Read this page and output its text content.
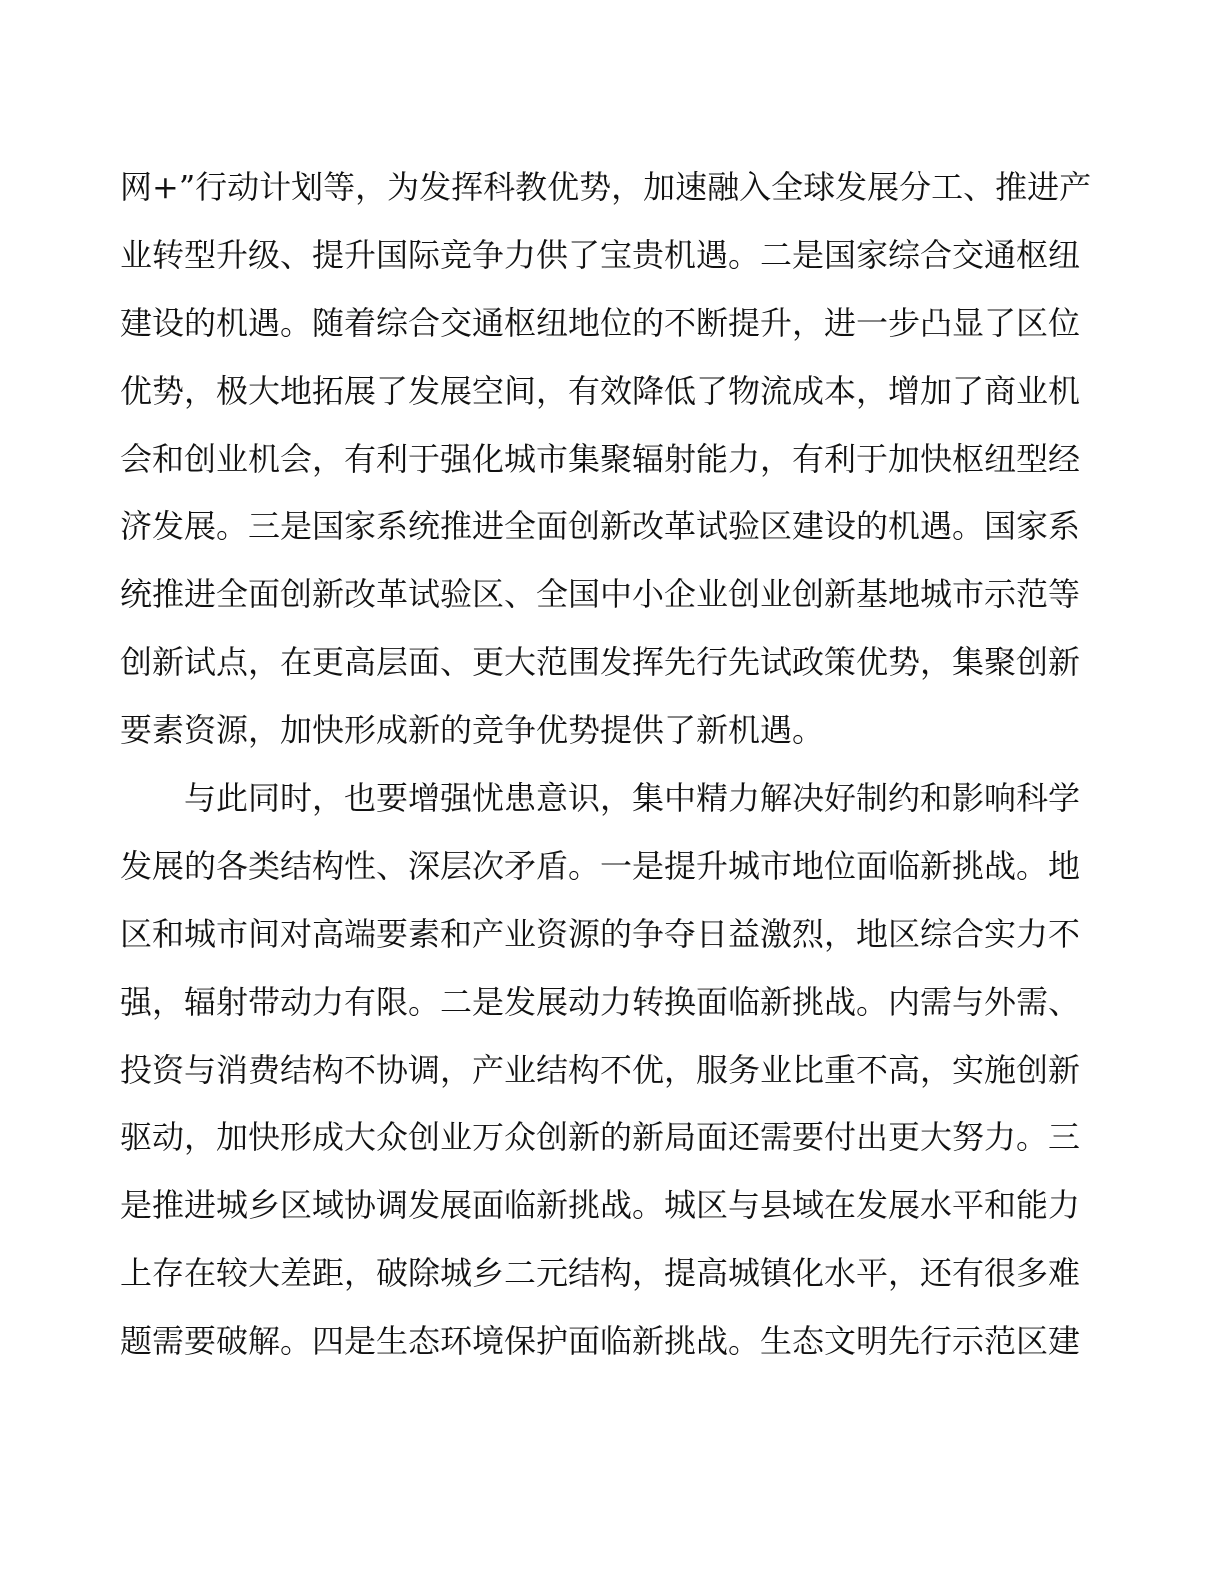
网+”行动计划等，为发挥科教优势，加速融入全球发展分工、推进产
业转型升级、提升国际竞争力供了宝贵机遇。二是国家综合交通枢纽
建设的机遇。随着综合交通枢纽地位的不断提升，进一步凸显了区位
优势，极大地拓展了发展空间，有效降低了物流成本，增加了商业机
会和创业机会，有利于强化城市集聚辐射能力，有利于加快枢纽型经
济发展。三是国家系统推进全面创新改革试验区建设的机遇。国家系
统推进全面创新改革试验区、全国中小企业创业创新基地城市示范等
创新试点，在更高层面、更大范围发挥先行先试政策优势，集聚创新
要素资源，加快形成新的竞争优势提供了新机遇。
与此同时，也要增强忧患意识，集中精力解决好制约和影响科学
发展的各类结构性、深层次矛盾。一是提升城市地位面临新挑战。地
区和城市间对高端要素和产业资源的争夺日益激烈，地区综合实力不
强，辐射带动力有限。二是发展动力转换面临新挑战。内需与外需、
投资与消费结构不协调，产业结构不优，服务业比重不高，实施创新
驱动，加快形成大众创业万众创新的新局面还需要付出更大努力。三
是推进城乡区域协调发展面临新挑战。城区与县域在发展水平和能力
上存在较大差距，破除城乡二元结构，提高城镇化水平，还有很多难
题需要破解。四是生态环境保护面临新挑战。生态文明先行示范区建
